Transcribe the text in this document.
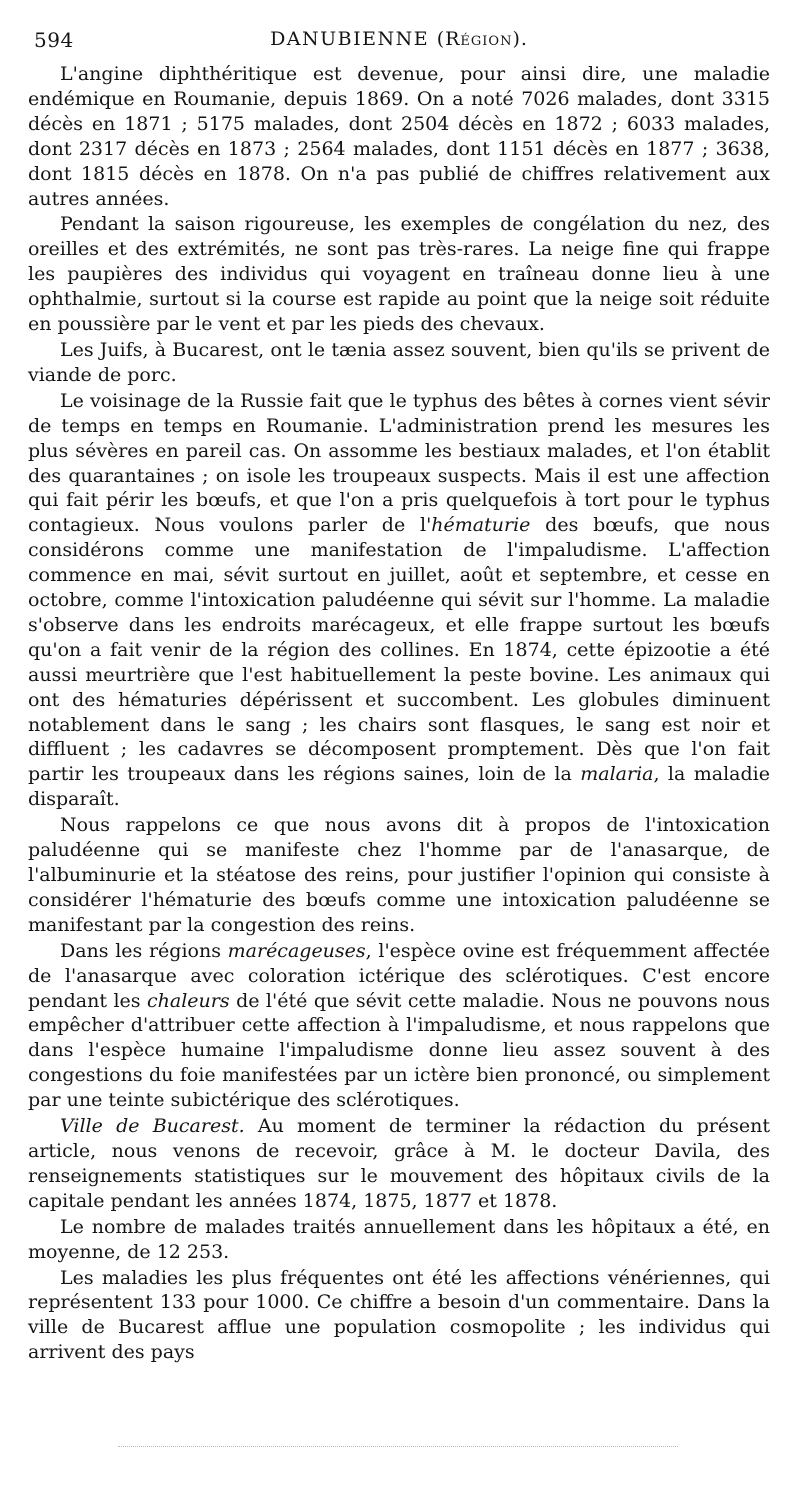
594	DANUBIENNE (Région).

L'angine diphthéritique est devenue, pour ainsi dire, une maladie endémique en Roumanie, depuis 1869. On a noté 7026 malades, dont 3315 décès en 1871 ; 5175 malades, dont 2504 décès en 1872 ; 6033 malades, dont 2317 décès en 1873 ; 2564 malades, dont 1151 décès en 1877 ; 3638, dont 1815 décès en 1878. On n'a pas publié de chiffres relativement aux autres années.

Pendant la saison rigoureuse, les exemples de congélation du nez, des oreilles et des extrémités, ne sont pas très-rares. La neige fine qui frappe les paupières des individus qui voyagent en traîneau donne lieu à une ophthalmie, surtout si la course est rapide au point que la neige soit réduite en poussière par le vent et par les pieds des chevaux.

Les Juifs, à Bucarest, ont le tænia assez souvent, bien qu'ils se privent de viande de porc.

Le voisinage de la Russie fait que le typhus des bêtes à cornes vient sévir de temps en temps en Roumanie. L'administration prend les mesures les plus sévères en pareil cas. On assomme les bestiaux malades, et l'on établit des quarantaines ; on isole les troupeaux suspects. Mais il est une affection qui fait périr les bœufs, et que l'on a pris quelquefois à tort pour le typhus contagieux. Nous voulons parler de l'hématurie des bœufs, que nous considérons comme une manifestation de l'impaludisme. L'affection commence en mai, sévit surtout en juillet, août et septembre, et cesse en octobre, comme l'intoxication paludéenne qui sévit sur l'homme. La maladie s'observe dans les endroits marécageux, et elle frappe surtout les bœufs qu'on a fait venir de la région des collines. En 1874, cette épizootie a été aussi meurtrière que l'est habituellement la peste bovine. Les animaux qui ont des hématuries dépérissent et succombent. Les globules diminuent notablement dans le sang ; les chairs sont flasques, le sang est noir et diffluent ; les cadavres se décomposent promptement. Dès que l'on fait partir les troupeaux dans les régions saines, loin de la malaria, la maladie disparaît.

Nous rappelons ce que nous avons dit à propos de l'intoxication paludéenne qui se manifeste chez l'homme par de l'anasarque, de l'albuminurie et la stéatose des reins, pour justifier l'opinion qui consiste à considérer l'hématurie des bœufs comme une intoxication paludéenne se manifestant par la congestion des reins.

Dans les régions marécageuses, l'espèce ovine est fréquemment affectée de l'anasarque avec coloration ictérique des sclérotiques. C'est encore pendant les chaleurs de l'été que sévit cette maladie. Nous ne pouvons nous empêcher d'attribuer cette affection à l'impaludisme, et nous rappelons que dans l'espèce humaine l'impaludisme donne lieu assez souvent à des congestions du foie manifestées par un ictère bien prononcé, ou simplement par une teinte subictérique des sclérotiques.

Ville de Bucarest. Au moment de terminer la rédaction du présent article, nous venons de recevoir, grâce à M. le docteur Davila, des renseignements statistiques sur le mouvement des hôpitaux civils de la capitale pendant les années 1874, 1875, 1877 et 1878.

Le nombre de malades traités annuellement dans les hôpitaux a été, en moyenne, de 12 253.

Les maladies les plus fréquentes ont été les affections vénériennes, qui représentent 133 pour 1000. Ce chiffre a besoin d'un commentaire. Dans la ville de Bucarest afflue une population cosmopolite ; les individus qui arrivent des pays
